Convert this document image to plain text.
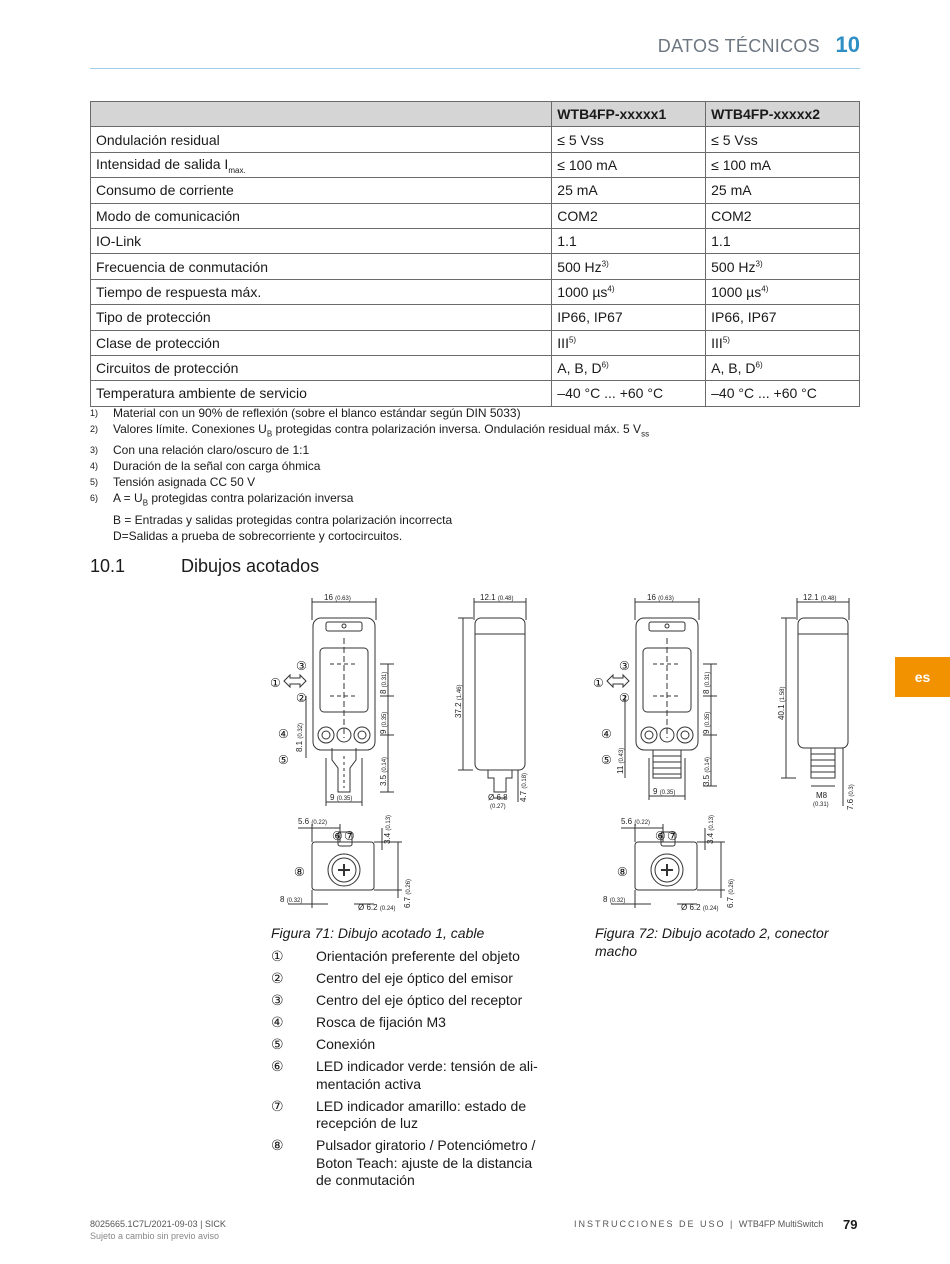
DATOS TÉCNICOS 10
	WTB4FP-xxxxx1	WTB4FP-xxxxx2
Ondulación residual	≤ 5 Vss	≤ 5 Vss
Intensidad de salida $I_{max.}$	≤ 100 mA	≤ 100 mA
Consumo de corriente	25 mA	25 mA
Modo de comunicación	COM2	COM2
IO-Link	1.1	1.1
Frecuencia de conmutación	500 Hz$^{3)}$	500 Hz$^{3)}$
Tiempo de respuesta máx.	1000 µs$^{4)}$	1000 µs$^{4)}$
Tipo de protección	IP66, IP67	IP66, IP67
Clase de protección	III$^{5)}$	III$^{5)}$
Circuitos de protección	A, B, $D^{6)}$	A, B, $D^{6)}$
Temperatura ambiente de servicio	–40 °C ... +60 °C	–40 °C ... +60 °C
1)	Material con un 90% de reflexión (sobre el blanco estándar según DIN 5033)
2)	Valores límite. Conexiones $U_B$ protegidas contra polarización inversa. Ondulación residual máx. 5 $V_{ss}$
3)	Con una relación claro/oscuro de 1:1
4)	Duración de la señal con carga óhmica
5)	Tensión asignada CC 50 V
6)	$A = U_B$ protegidas contra polarización inversa
B = Entradas y salidas protegidas contra polarización incorrecta
D=Salidas a prueba de sobrecorriente y cortocircuitos.
10.1	Dibujos acotados
16 (0.63)	12.1 (0.48)
8 (0.31)
9 (0.35)
3.5 (0.14)
8.1 (0.32)
9 (0.35)
37.2 (1.46)
4.7 (0.18)
Ø 6.8
(0.27)
5.6 (0.22)
3.4 (0.13)
6.7 (0.26)
Ø 6.2 (0.24)
8 (0.32)
①
②
③
④
⑤
⑥ ⑦
⑧
16 (0.63)	12.1 (0.48)
8 (0.31)
9 (0.35)
3.5 (0.14)
11 (0.43)
9 (0.35)
40.1 (1.58)
7.6 (0.3)
M8
(0.31)
5.6 (0.22)
3.4 (0.13)
6.7 (0.26)
Ø 6.2 (0.24)
8 (0.32)
①
②
③
④
⑤
⑥ ⑦
⑧
Figura 71: Dibujo acotado 1, cable	Figura 72: Dibujo acotado 2, conector macho
①	Orientación preferente del objeto
②	Centro del eje óptico del emisor
③	Centro del eje óptico del receptor
④	Rosca de fijación M3
⑤	Conexión
⑥	LED indicador verde: tensión de ali-mentación activa
⑦	LED indicador amarillo: estado de recepción de luz
⑧	Pulsador giratorio / Potenciómetro / Boton Teach: ajuste de la distancia de conmutación
es
8025665.1C7L/2021-09-03 | SICK
Sujeto a cambio sin previo aviso
INSTRUCCIONES DE USO | WTB4FP MultiSwitch 79
